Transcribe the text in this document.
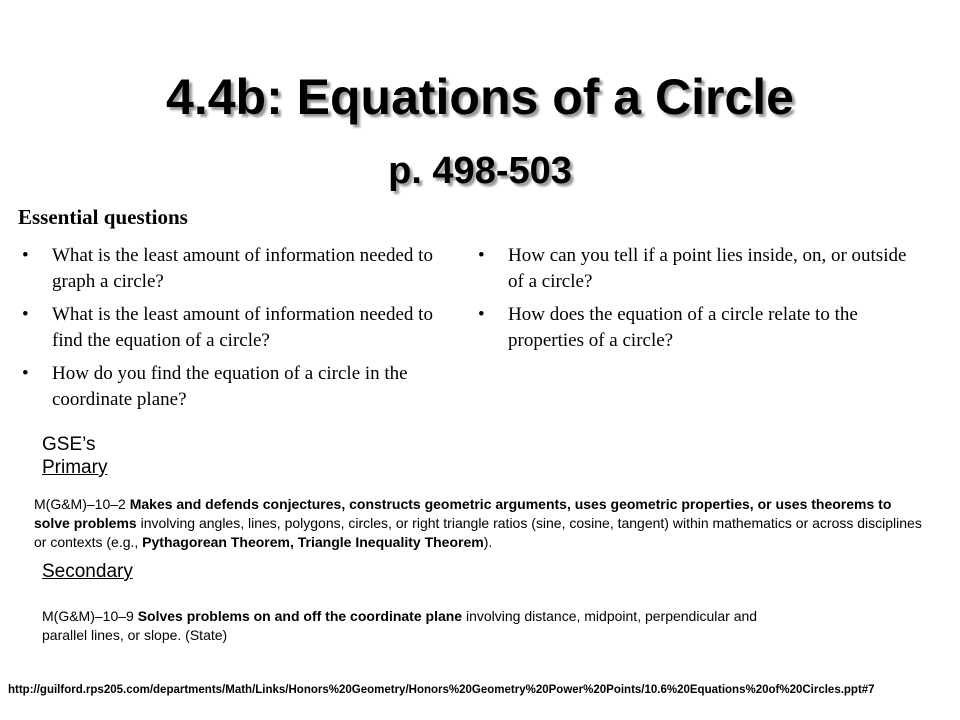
4.4b: Equations of a Circle
p. 498-503

Essential questions

• What is the least amount of information needed to graph a circle?
• What is the least amount of information needed to find the equation of a circle?
• How do you find the equation of a circle in the coordinate plane?
• How can you tell if a point lies inside, on, or outside of a circle?
• How does the equation of a circle relate to the properties of a circle?

GSE’s

Primary

M(G&M)–10–2 Makes and defends conjectures, constructs geometric arguments, uses geometric properties, or uses theorems to solve problems involving angles, lines, polygons, circles, or right triangle ratios (sine, cosine, tangent) within mathematics or across disciplines or contexts (e.g., Pythagorean Theorem, Triangle Inequality Theorem).

Secondary

M(G&M)–10–9 Solves problems on and off the coordinate plane involving distance, midpoint, perpendicular and parallel lines, or slope. (State)

http://guilford.rps205.com/departments/Math/Links/Honors%20Geometry/Honors%20Geometry%20Power%20Points/10.6%20Equations%20of%20Circles.ppt#7
